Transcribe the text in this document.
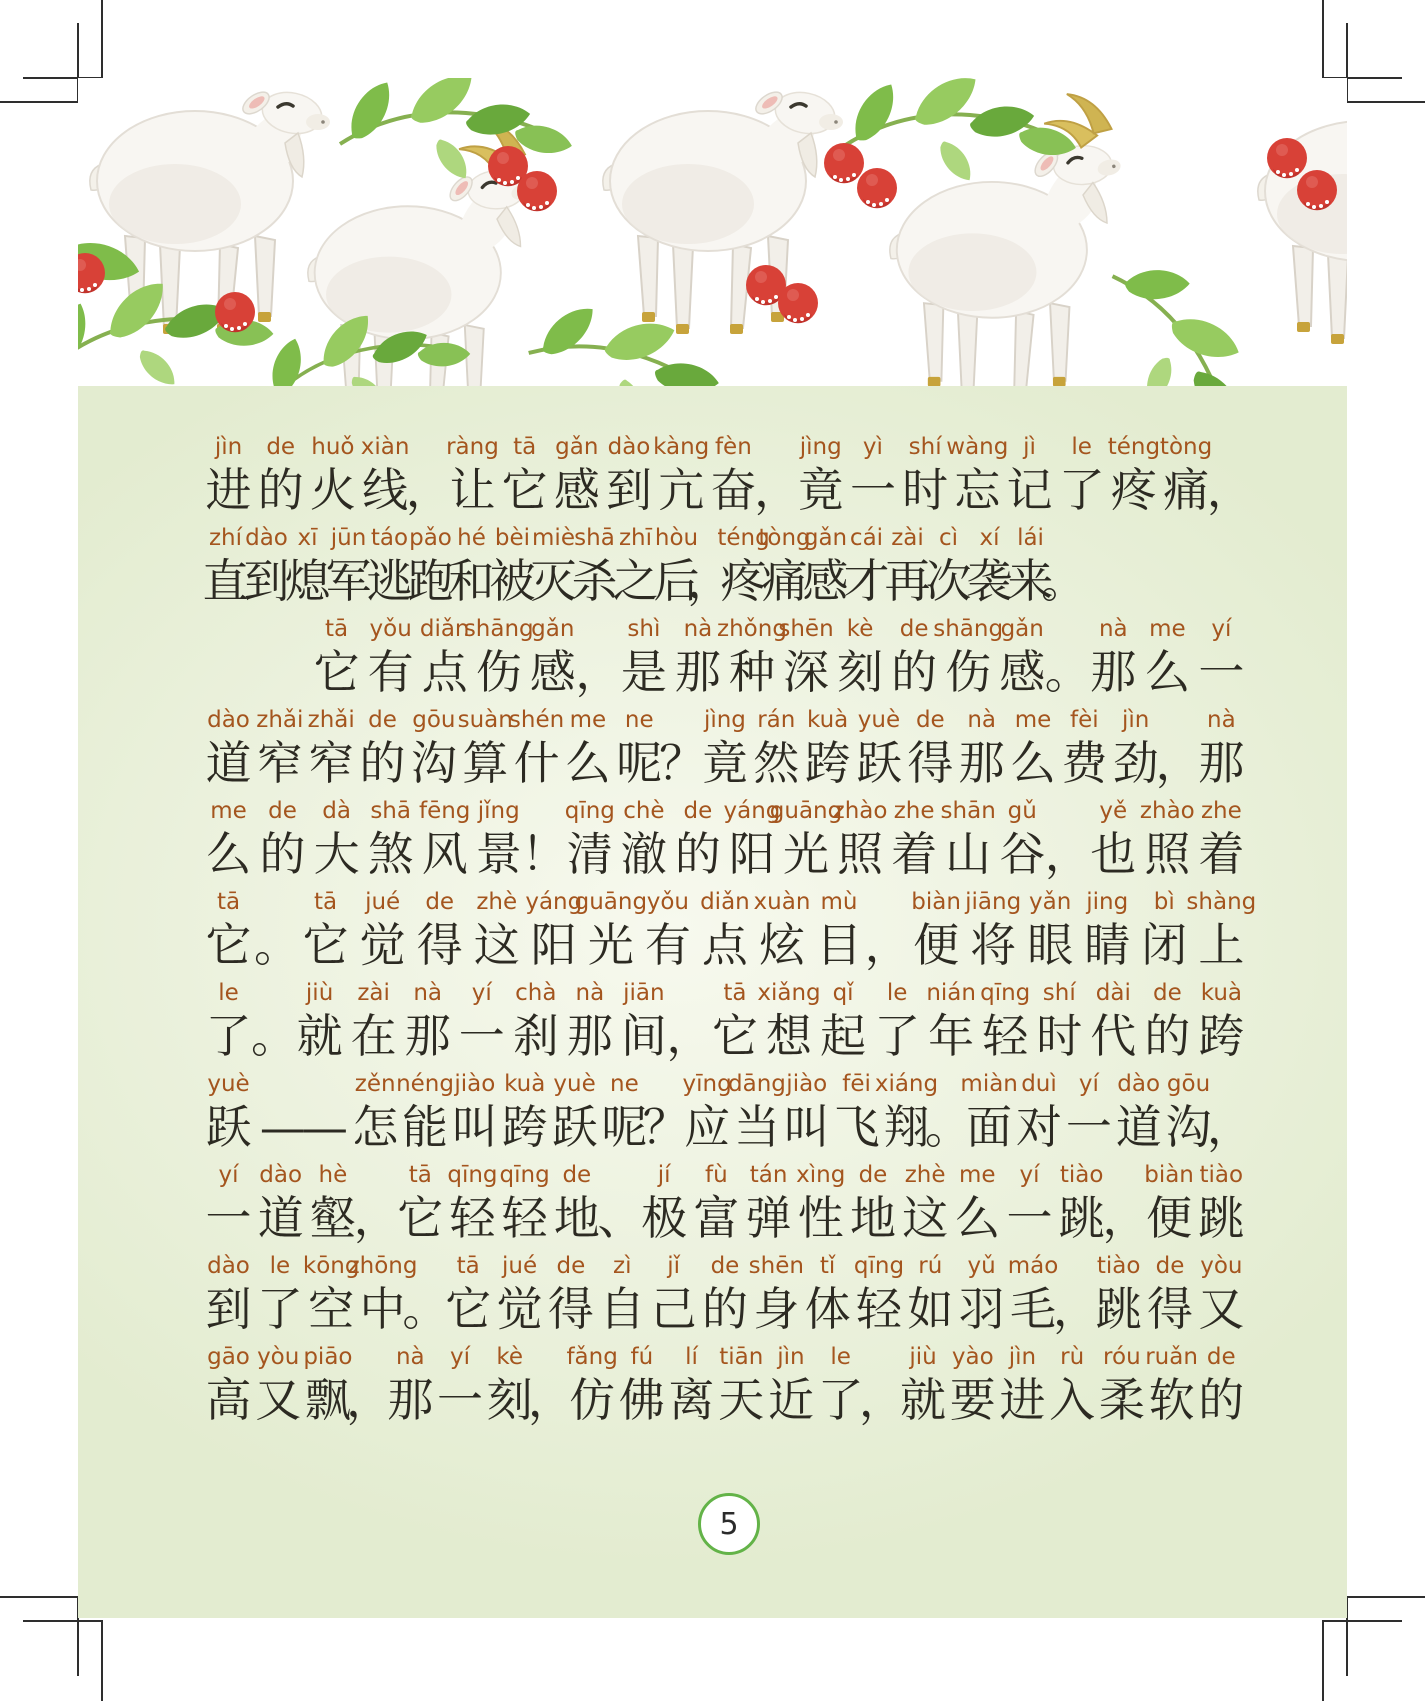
jìn
进
de
的
huǒ
火
xiàn
线
，
ràng
让
tā
它
gǎn
感
dào
到
kàng
亢
fèn
奋
，
jìng
竟
yì
一
shí
时
wàng
忘
jì
记
le
了
téng
疼
tòng
痛
，
zhí
直
dào
到
xī
熄
jūn
军
táo
逃
pǎo
跑
hé
和
bèi
被
miè
灭
shā
杀
zhī
之
hòu
后
，
téng
疼
tòng
痛
gǎn
感
cái
才
zài
再
cì
次
xí
袭
lái
来
。
tā
它
yǒu
有
diǎn
点
shāng
伤
gǎn
感 ，
shì
是
nà
那
zhǒng
种
shēn
深
kè
刻
de
的
shāng
伤
gǎn
感 。
nà
那
me
么
yí
一
dào
道
zhǎi
窄
zhǎi
窄
de
的
gōu
沟
suàn
算
shén
什
me
么
ne
呢
？
jìng
竟
rán
然
kuà
跨
yuè
跃
de
得
nà
那
me
么
fèi
费
jìn
劲
，
nà
那
me
么
de
的
dà
大
shā
煞
fēng
风
jǐng
景 ！
qīng
清
chè
澈
de
的
yáng
阳
guāng
光
zhào
照
zhe
着
shān
山
gǔ
谷 ，
yě
也
zhào
照
zhe
着
tā
它 。
tā
它
jué
觉
de
得
zhè
这
yáng
阳
guāng
光
yǒu
有
diǎn
点
xuàn
炫
mù
目 ，
biàn
便
jiāng
将
yǎn
眼
jing
睛
bì
闭
shàng
上
le
了 。
jiù
就
zài
在
nà
那
yí
一
chà
刹
nà
那
jiān
间 ，
tā
它
xiǎng
想
qǐ
起
le
了
nián
年
qīng
轻
shí
时
dài
代
de
的
kuà
跨
yuè
跃 ——
zěn
怎
néng
能
jiào
叫
kuà
跨
yuè
跃
ne
呢
？
yīng
应
dāng
当
jiào
叫
fēi
飞
xiáng
翔
。
miàn
面
duì
对
yí
一
dào
道
gōu
沟
，
yí
一
dào
道
hè
壑
，
tā
它
qīng
轻
qīng
轻
de
地
、
jí
极
fù
富
tán
弹
xìng
性
de
地
zhè
这
me
么
yí
一
tiào
跳
，
biàn
便
tiào
跳
dào
到
le
了
kōng
空
zhōng
中
。
tā
它
jué
觉
de
得
zì
自
jǐ
己
de
的
shēn
身
tǐ
体
qīng
轻
rú
如
yǔ
羽
máo
毛
，
tiào
跳
de
得
yòu
又
gāo
高
yòu
又
piāo
飘
，
nà
那
yí
一
kè
刻
，
fǎng
仿
fú
佛
lí
离
tiān
天
jìn
近
le
了
，
jiù
就
yào
要
jìn
进
rù
入
róu
柔
ruǎn
软
de
的
5
